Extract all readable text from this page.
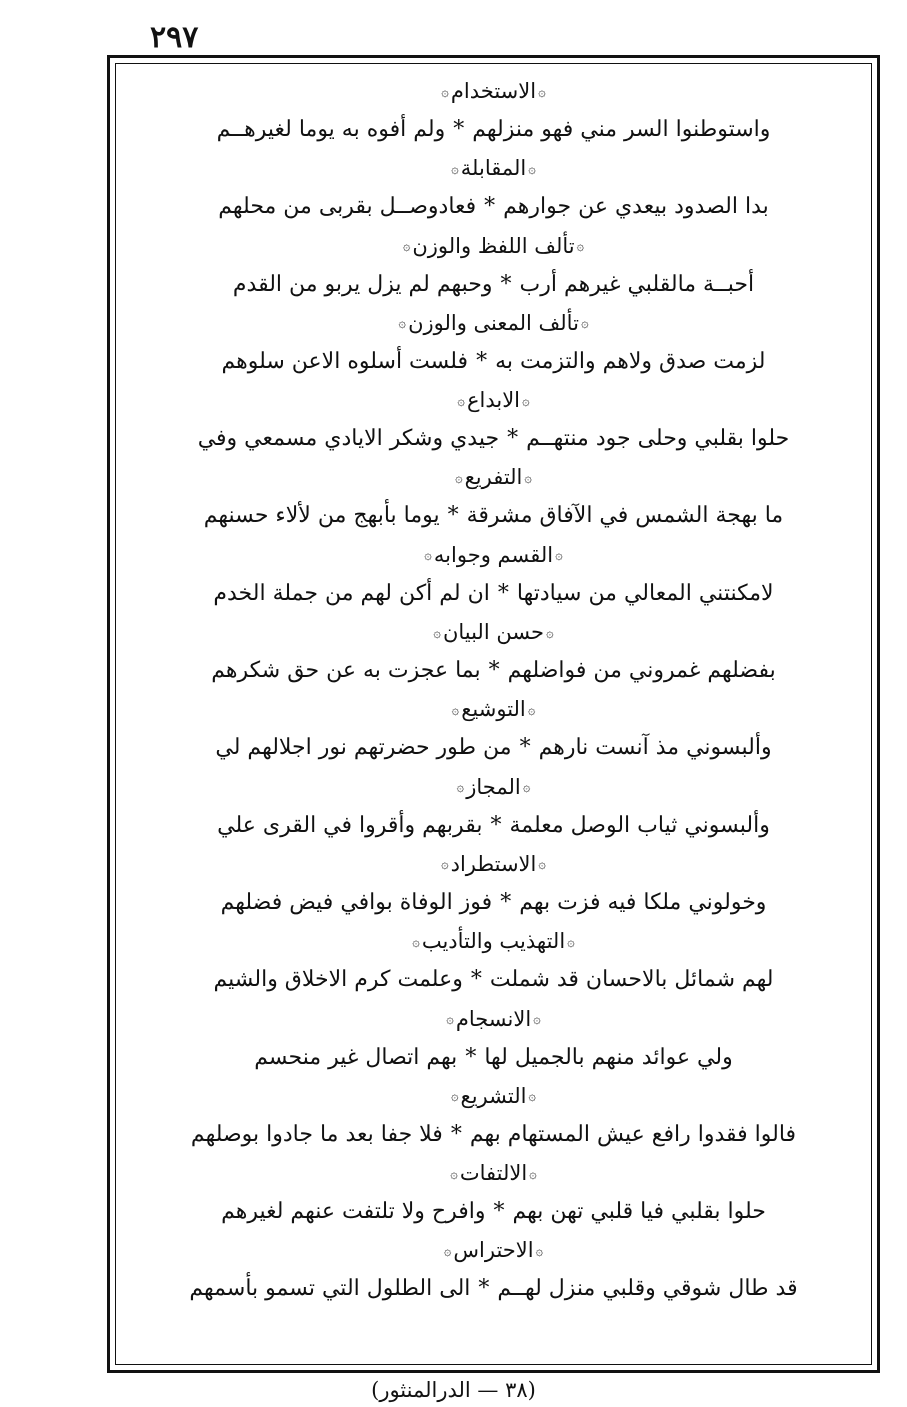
٢٩٧
۞الاستخدام۞
واستوطنوا السر مني فهو منزلهم*ولم أفوه به يوما لغيرهــم
۞المقابلة۞
بدا الصدود بيعدي عن جوارهم*فعادوصــل بقربى من محلهم
۞تألف اللفظ والوزن۞
أحبــة مالقلبي غيرهم أرب*وحبهم لم يزل يربو من القدم
۞تألف المعنى والوزن۞
لزمت صدق ولاهم والتزمت به*فلست أسلوه الاعن سلوهم
۞الابداع۞
حلوا بقلبي وحلى جود منتهــم*جيدي وشكر الايادي مسمعي وفي
۞التفريع۞
ما بهجة الشمس في الآفاق مشرقة*يوما بأبهج من لألاء حسنهم
۞القسم وجوابه۞
لامكنتني المعالي من سيادتها*ان لم أكن لهم من جملة الخدم
۞حسن البيان۞
بفضلهم غمروني من فواضلهم*بما عجزت به عن حق شكرهم
۞التوشيع۞
وألبسوني مذ آنست نارهم*من طور حضرتهم نور اجلالهم لي
۞المجاز۞
وألبسوني ثياب الوصل معلمة*بقربهم وأقروا في القرى علي
۞الاستطراد۞
وخولوني ملكا فيه فزت بهم*فوز الوفاة بوافي فيض فضلهم
۞التهذيب والتأديب۞
لهم شمائل بالاحسان قد شملت*وعلمت كرم الاخلاق والشيم
۞الانسجام۞
ولي عوائد منهم بالجميل لها*بهم اتصال غير منحسم
۞التشريع۞
فالوا فقدوا رافع عيش المستهام بهم*فلا جفا بعد ما جادوا بوصلهم
۞الالتفات۞
حلوا بقلبي فيا قلبي تهن بهم*وافرح ولا تلتفت عنهم لغيرهم
۞الاحتراس۞
قد طال شوقي وقلبي منزل لهــم*الى الطلول التي تسمو بأسمهم
(٣٨ — الدرالمنثور)
